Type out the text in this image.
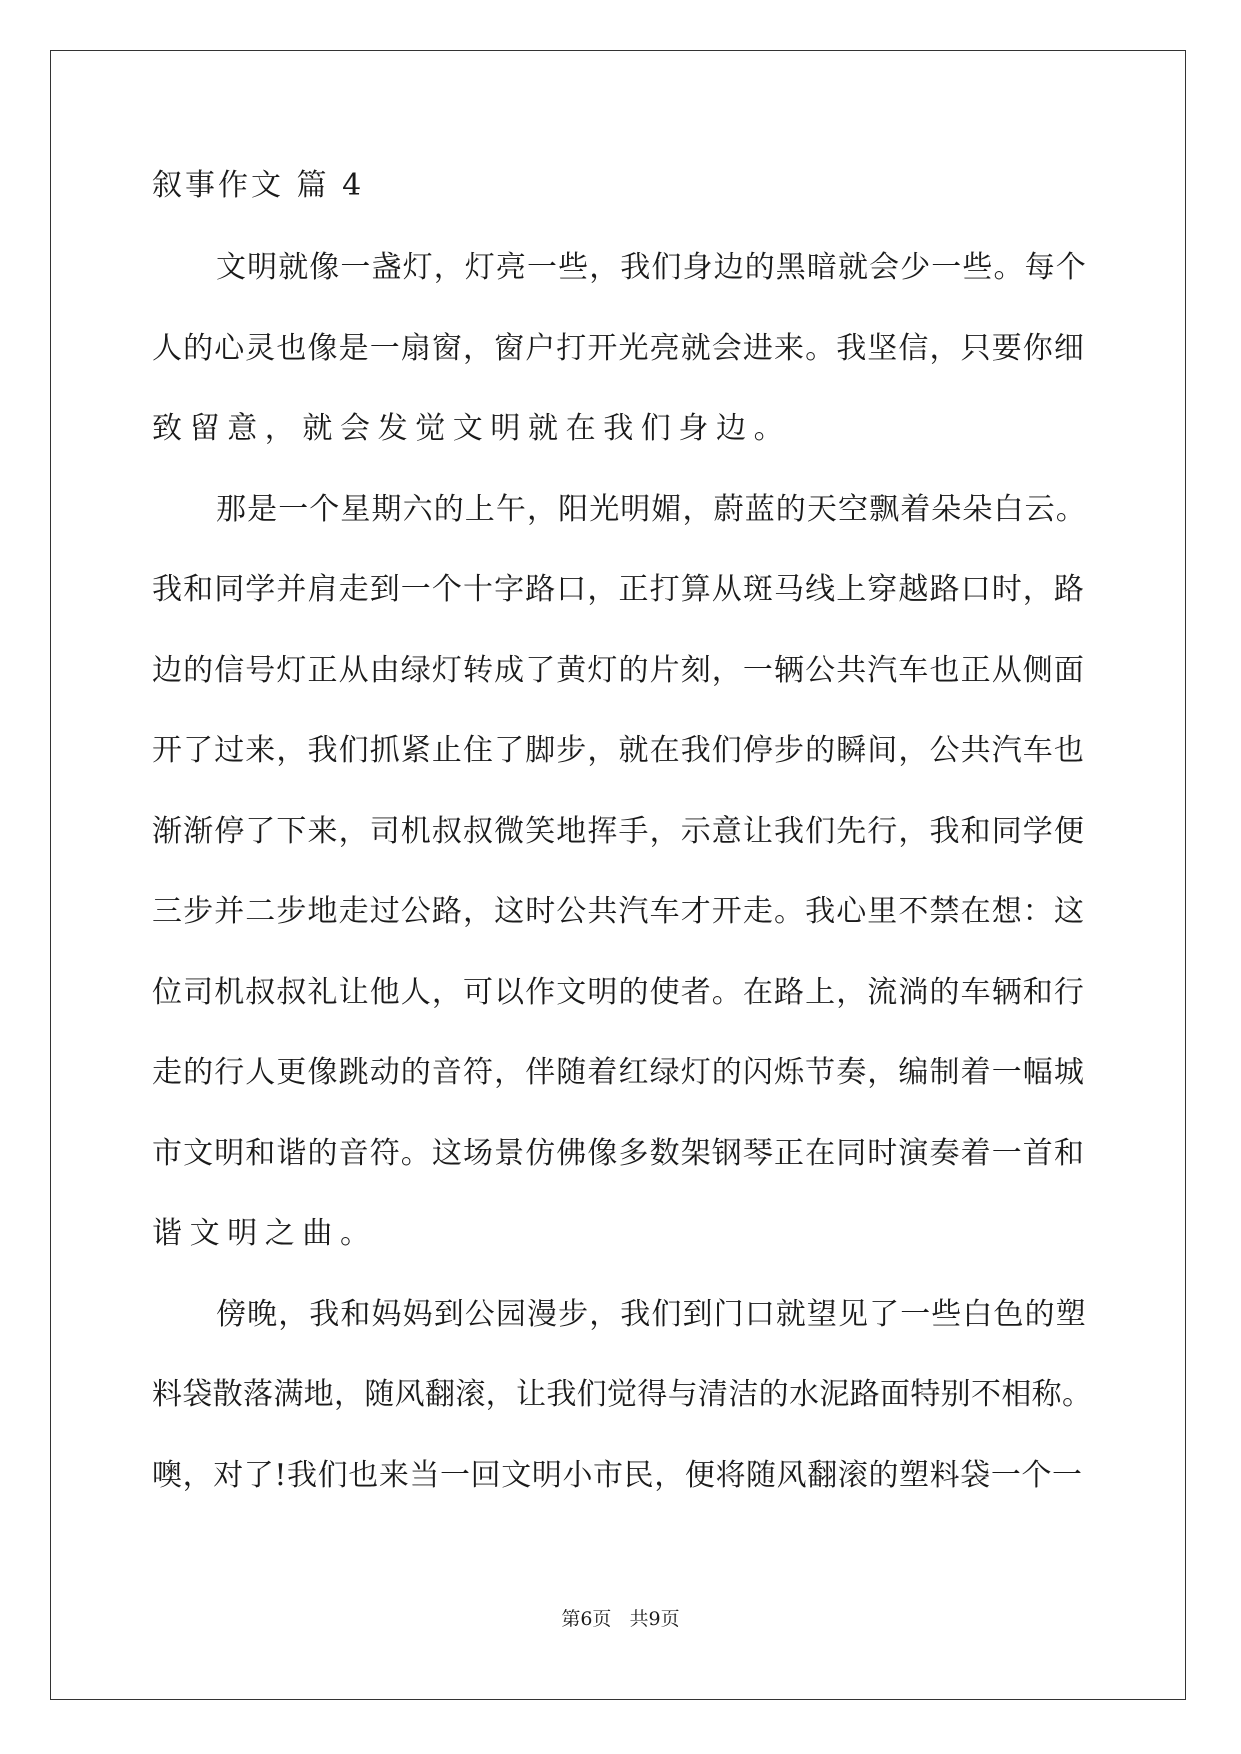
叙事作文 篇 4

文明就像一盏灯，灯亮一些，我们身边的黑暗就会少一些。每个

人的心灵也像是一扇窗，窗户打开光亮就会进来。我坚信，只要你细

致留意，就会发觉文明就在我们身边。

那是一个星期六的上午，阳光明媚，蔚蓝的天空飘着朵朵白云。

我和同学并肩走到一个十字路口，正打算从斑马线上穿越路口时，路

边的信号灯正从由绿灯转成了黄灯的片刻，一辆公共汽车也正从侧面

开了过来，我们抓紧止住了脚步，就在我们停步的瞬间，公共汽车也

渐渐停了下来，司机叔叔微笑地挥手，示意让我们先行，我和同学便

三步并二步地走过公路，这时公共汽车才开走。我心里不禁在想：这

位司机叔叔礼让他人，可以作文明的使者。在路上，流淌的车辆和行

走的行人更像跳动的音符，伴随着红绿灯的闪烁节奏，编制着一幅城

市文明和谐的音符。这场景仿佛像多数架钢琴正在同时演奏着一首和

谐文明之曲。

傍晚，我和妈妈到公园漫步，我们到门口就望见了一些白色的塑

料袋散落满地，随风翻滚，让我们觉得与清洁的水泥路面特别不相称。

噢，对了!我们也来当一回文明小市民，便将随风翻滚的塑料袋一个一

第6页   共9页
